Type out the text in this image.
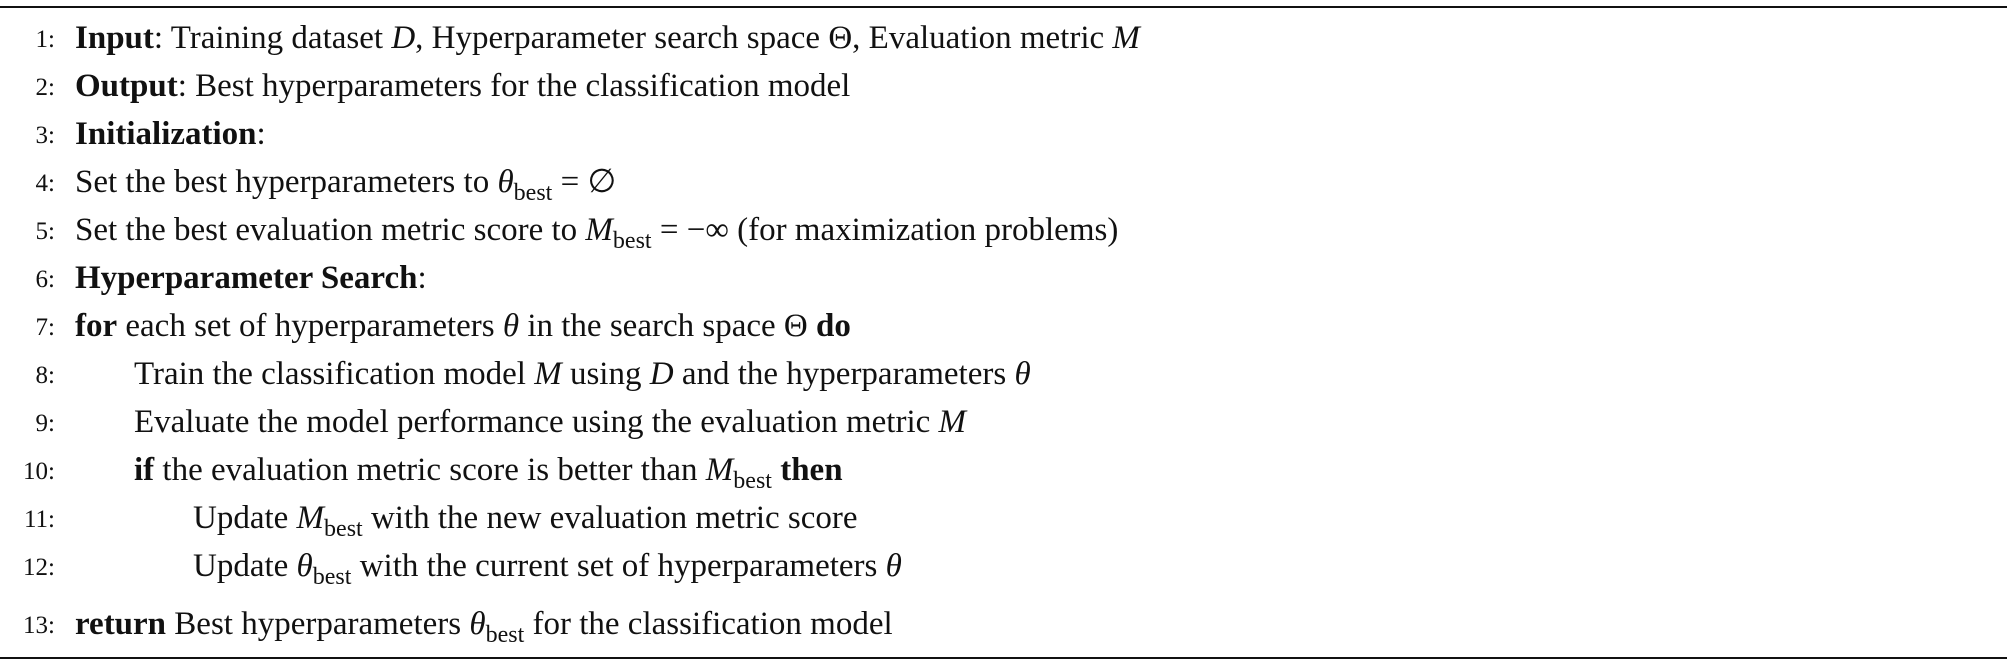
1: Input: Training dataset D, Hyperparameter search space Θ, Evaluation metric M
2: Output: Best hyperparameters for the classification model
3: Initialization:
4: Set the best hyperparameters to $\theta_{best}$ = ∅
5: Set the best evaluation metric score to $M_{best}$ = −∞ (for maximization problems)
6: Hyperparameter Search:
7: for each set of hyperparameters θ in the search space Θ do
8: Train the classification model M using D and the hyperparameters θ
9: Evaluate the model performance using the evaluation metric M
10: if the evaluation metric score is better than $M_{best}$ then
11:	Update $M_{best}$ with the new evaluation metric score
12:	Update $\theta_{best}$ with the current set of hyperparameters θ
13: return Best hyperparameters $\theta_{best}$ for the classification model
